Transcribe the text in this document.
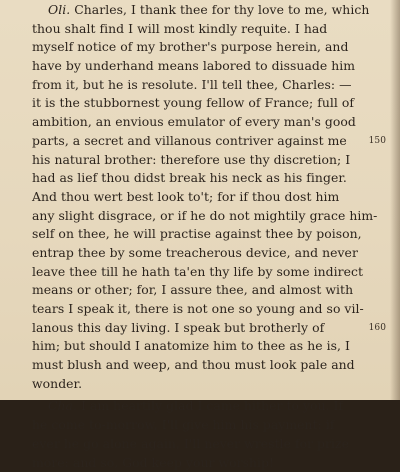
Oli. Charles, I thank thee for thy love to me, which
thou shalt find I will most kindly requite. I had
myself notice of my brother's purpose herein, and
have by underhand means labored to dissuade him
from it, but he is resolute. I'll tell thee, Charles: —
it is the stubbornest young fellow of France; full of
ambition, an envious emulator of every man's good
parts, a secret and villanous contriver against me 150
his natural brother: therefore use thy discretion; I
had as lief thou didst break his neck as his finger.
And thou wert best look to't; for if thou dost him
any slight disgrace, or if he do not mightily grace him-
self on thee, he will practise against thee by poison,
entrap thee by some treacherous device, and never
leave thee till he hath ta'en thy life by some indirect
means or other; for, I assure thee, and almost with
tears I speak it, there is not one so young and so vil-
lanous this day living. I speak but brotherly of	160
him; but should I anatomize him to thee as he is, I
must blush and weep, and thou must look pale and
wonder.
Cha. I am heartily glad I came hither to you. If
he come to-morrow, I'll give him his payment: if
ever he go alone again, I'll never wrestle for prize
more: and so, God keep your worship!
